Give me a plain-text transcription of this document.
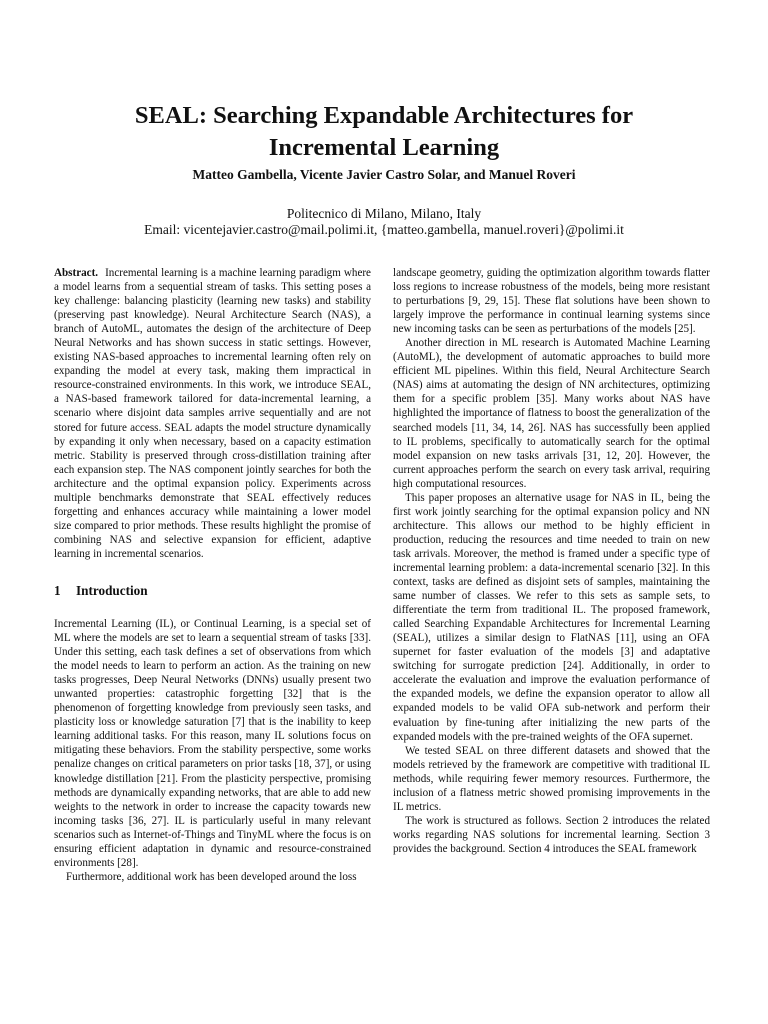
SEAL: Searching Expandable Architectures for
Incremental Learning
Matteo Gambella, Vicente Javier Castro Solar, and Manuel Roveri
Politecnico di Milano, Milano, Italy
Email: vicentejavier.castro@mail.polimi.it, {matteo.gambella, manuel.roveri}@polimi.it

Abstract. Incremental learning is a machine learning paradigm where a model learns from a sequential stream of tasks. This setting poses a key challenge: balancing plasticity (learning new tasks) and stability (preserving past knowledge). Neural Architecture Search (NAS), a branch of AutoML, automates the design of the architecture of Deep Neural Networks and has shown success in static settings. However, existing NAS-based approaches to incremental learning often rely on expanding the model at every task, making them impractical in resource-constrained environments. In this work, we introduce SEAL, a NAS-based framework tailored for data-incremental learning, a scenario where disjoint data samples arrive sequentially and are not stored for future access. SEAL adapts the model structure dynamically by expanding it only when necessary, based on a capacity estimation metric. Stability is preserved through cross-distillation training after each expansion step. The NAS component jointly searches for both the architecture and the optimal expansion policy. Experiments across multiple benchmarks demonstrate that SEAL effectively reduces forgetting and enhances accuracy while maintaining a lower model size compared to prior methods. These results highlight the promise of combining NAS and selective expansion for efficient, adaptive learning in incremental scenarios.

1 Introduction

Incremental Learning (IL), or Continual Learning, is a special set of ML where the models are set to learn a sequential stream of tasks [33]. Under this setting, each task defines a set of observations from which the model needs to learn to perform an action. As the training on new tasks progresses, Deep Neural Networks (DNNs) usually present two unwanted properties: catastrophic forgetting [32] that is the phenomenon of forgetting knowledge from previously seen tasks, and plasticity loss or knowledge saturation [7] that is the inability to keep learning additional tasks. For this reason, many IL solutions focus on mitigating these behaviors. From the stability perspective, some works penalize changes on critical parameters on prior tasks [18, 37], or using knowledge distillation [21]. From the plasticity perspective, promising methods are dynamically expanding networks, that are able to add new weights to the network in order to increase the capacity towards new incoming tasks [36, 27]. IL is particularly useful in many relevant scenarios such as Internet-of-Things and TinyML where the focus is on ensuring efficient adaptation in dynamic and resource-constrained environments [28].

Furthermore, additional work has been developed around the loss

landscape geometry, guiding the optimization algorithm towards flatter loss regions to increase robustness of the models, being more resistant to perturbations [9, 29, 15]. These flat solutions have been shown to largely improve the performance in continual learning systems since new incoming tasks can be seen as perturbations of the models [25].

Another direction in ML research is Automated Machine Learning (AutoML), the development of automatic approaches to build more efficient ML pipelines. Within this field, Neural Architecture Search (NAS) aims at automating the design of NN architectures, optimizing them for a specific problem [35]. Many works about NAS have highlighted the importance of flatness to boost the generalization of the searched models [11, 34, 14, 26]. NAS has successfully been applied to IL problems, specifically to automatically search for the optimal model expansion on new tasks arrivals [31, 12, 20]. However, the current approaches perform the search on every task arrival, requiring high computational resources.

This paper proposes an alternative usage for NAS in IL, being the first work jointly searching for the optimal expansion policy and NN architecture. This allows our method to be highly efficient in production, reducing the resources and time needed to train on new task arrivals. Moreover, the method is framed under a specific type of incremental learning problem: a data-incremental scenario [32]. In this context, tasks are defined as disjoint sets of samples, maintaining the same number of classes. We refer to this sets as sample sets, to differentiate the term from traditional IL. The proposed framework, called Searching Expandable Architectures for Incremental Learning (SEAL), utilizes a similar design to FlatNAS [11], using an OFA supernet for faster evaluation of the models [3] and adaptative switching for surrogate prediction [24]. Additionally, in order to accelerate the evaluation and improve the evaluation performance of the expanded models, we define the expansion operator to allow all expanded models to be valid OFA sub-network and perform their evaluation by fine-tuning after initializing the new parts of the expanded models with the pre-trained weights of the OFA supernet.

We tested SEAL on three different datasets and showed that the models retrieved by the framework are competitive with traditional IL methods, while requiring fewer memory resources. Furthermore, the inclusion of a flatness metric showed promising improvements in the IL metrics.

The work is structured as follows. Section 2 introduces the related works regarding NAS solutions for incremental learning. Section 3 provides the background. Section 4 introduces the SEAL framework
